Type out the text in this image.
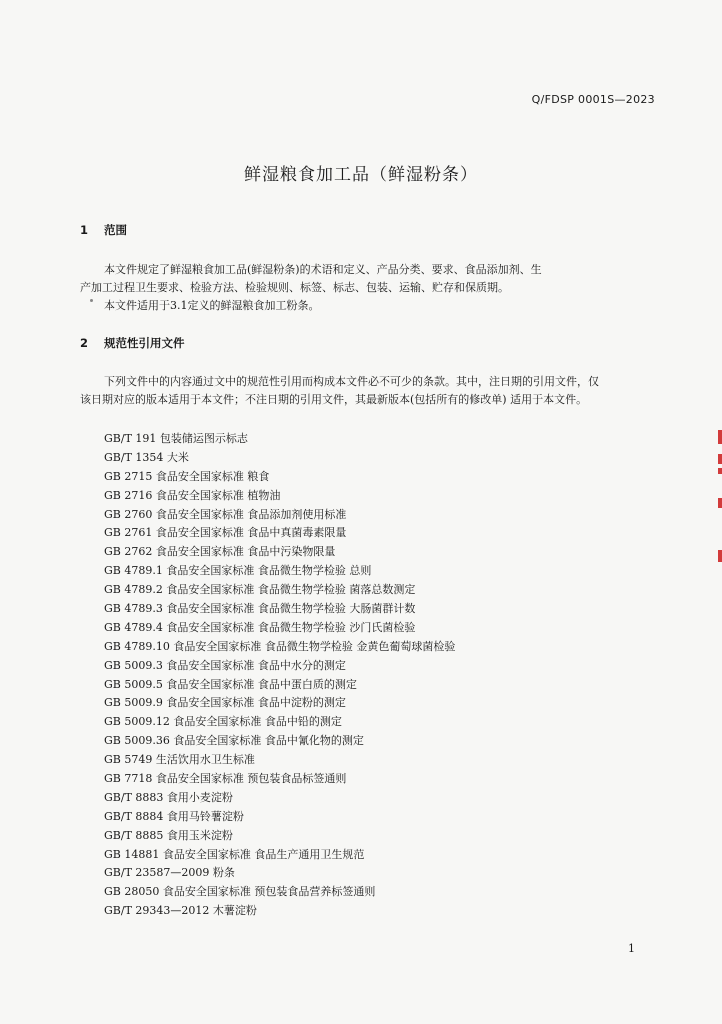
Q/FDSP 0001S—2023
鲜湿粮食加工品（鲜湿粉条）
1 范围
本文件规定了鲜湿粮食加工品(鲜湿粉条)的术语和定义、产品分类、要求、食品添加剂、生
产加工过程卫生要求、检验方法、检验规则、标签、标志、包装、运输、贮存和保质期。
本文件适用于3.1定义的鲜湿粮食加工粉条。
2 规范性引用文件
下列文件中的内容通过文中的规范性引用而构成本文件必不可少的条款。其中，注日期的引用文件，仅
该日期对应的版本适用于本文件；不注日期的引用文件，其最新版本(包括所有的修改单) 适用于本文件。
GB/T 191 包装储运图示标志
GB/T 1354 大米
GB 2715 食品安全国家标准 粮食
GB 2716 食品安全国家标准 植物油
GB 2760 食品安全国家标准 食品添加剂使用标准
GB 2761 食品安全国家标准 食品中真菌毒素限量
GB 2762 食品安全国家标准 食品中污染物限量
GB 4789.1 食品安全国家标准 食品微生物学检验 总则
GB 4789.2 食品安全国家标准 食品微生物学检验 菌落总数测定
GB 4789.3 食品安全国家标准 食品微生物学检验 大肠菌群计数
GB 4789.4 食品安全国家标准 食品微生物学检验 沙门氏菌检验
GB 4789.10 食品安全国家标准 食品微生物学检验 金黄色葡萄球菌检验
GB 5009.3 食品安全国家标准 食品中水分的测定
GB 5009.5 食品安全国家标准 食品中蛋白质的测定
GB 5009.9 食品安全国家标准 食品中淀粉的测定
GB 5009.12 食品安全国家标准 食品中铅的测定
GB 5009.36 食品安全国家标准 食品中氰化物的测定
GB 5749 生活饮用水卫生标准
GB 7718 食品安全国家标准 预包装食品标签通则
GB/T 8883 食用小麦淀粉
GB/T 8884 食用马铃薯淀粉
GB/T 8885 食用玉米淀粉
GB 14881 食品安全国家标准 食品生产通用卫生规范
GB/T 23587—2009 粉条
GB 28050 食品安全国家标准 预包装食品营养标签通则
GB/T 29343—2012 木薯淀粉
1
